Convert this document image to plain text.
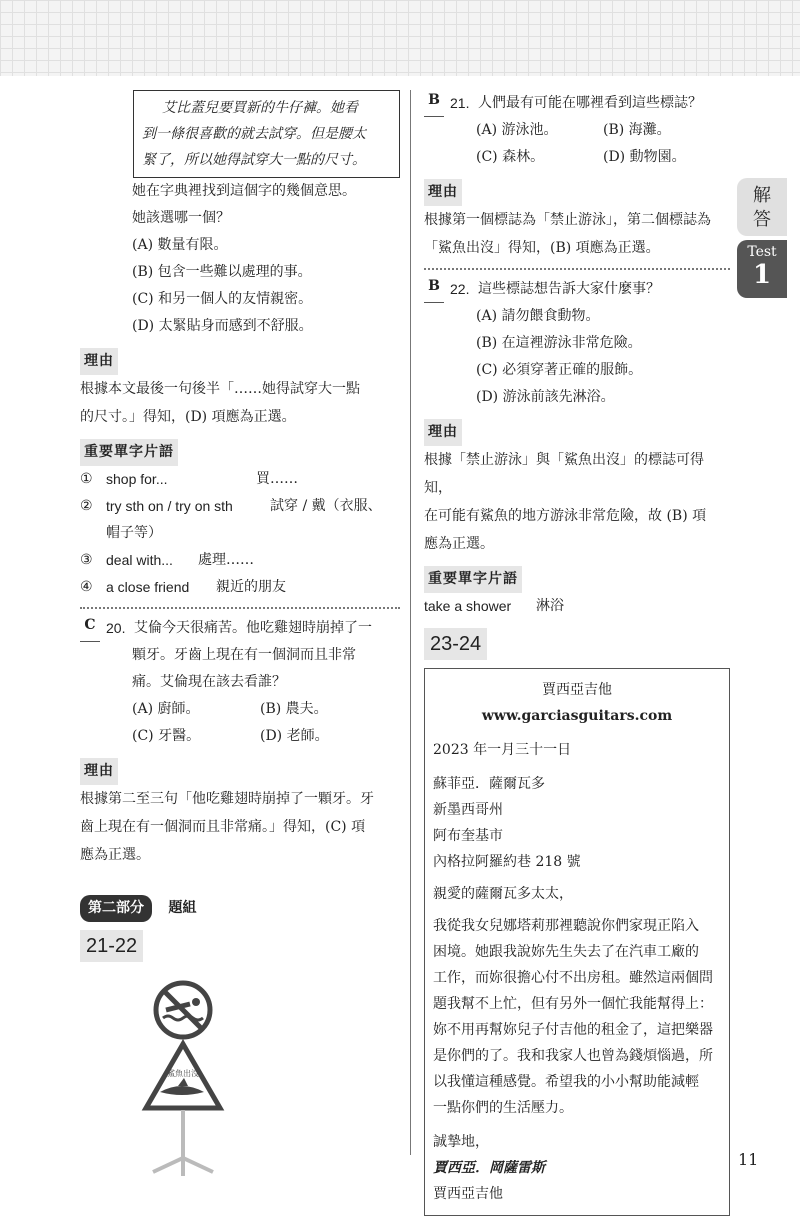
艾比蓋兒要買新的牛仔褲。她看
到一條很喜歡的就去試穿。但是腰太
緊了，所以她得試穿大一點的尺寸。
她在字典裡找到這個字的幾個意思。
她該選哪一個？
(A) 數量有限。
(B) 包含一些難以處理的事。
(C) 和另一個人的友情親密。
(D) 太緊貼身而感到不舒服。
理由
根據本文最後一句後半「……她得試穿大一點
的尺寸。」得知，(D) 項應為正選。
重要單字片語
① shop for...	買……
② try sth on / try on sth	試穿 / 戴（衣服、
帽子等）
③ deal with...	處理……
④ a close friend	親近的朋友
C 20. 艾倫今天很痛苦。他吃雞翅時崩掉了一
顆牙。牙齒上現在有一個洞而且非常
痛。艾倫現在該去看誰？
(A) 廚師。	(B) 農夫。
(C) 牙醫。	(D) 老師。
理由
根據第二至三句「他吃雞翅時崩掉了一顆牙。牙
齒上現在有一個洞而且非常痛。」得知，(C) 項
應為正選。
第二部分 題組
21-22
鯊魚出沒
B 21. 人們最有可能在哪裡看到這些標誌？
(A) 游泳池。	(B) 海灘。
(C) 森林。	(D) 動物園。
理由
根據第一個標誌為「禁止游泳」，第二個標誌為
「鯊魚出沒」得知，(B) 項應為正選。
B 22. 這些標誌想告訴大家什麼事？
(A) 請勿餵食動物。
(B) 在這裡游泳非常危險。
(C) 必須穿著正確的服飾。
(D) 游泳前該先淋浴。
理由
根據「禁止游泳」與「鯊魚出沒」的標誌可得知，
在可能有鯊魚的地方游泳非常危險，故 (B) 項
應為正選。
重要單字片語
take a shower	淋浴
23-24
賈西亞吉他
www.garciasguitars.com
2023 年一月三十一日
蘇菲亞．薩爾瓦多
新墨西哥州
阿布奎基市
內格拉阿羅約巷 218 號
親愛的薩爾瓦多太太，
我從我女兒娜塔莉那裡聽說你們家現正陷入
困境。她跟我說妳先生失去了在汽車工廠的
工作，而妳很擔心付不出房租。雖然這兩個問
題我幫不上忙，但有另外一個忙我能幫得上：
妳不用再幫妳兒子付吉他的租金了，這把樂器
是你們的了。我和我家人也曾為錢煩惱過，所
以我懂這種感覺。希望我的小小幫助能減輕
一點你們的生活壓力。
誠摯地，
賈西亞．岡薩雷斯
賈西亞吉他
解
答
Test
1
11
